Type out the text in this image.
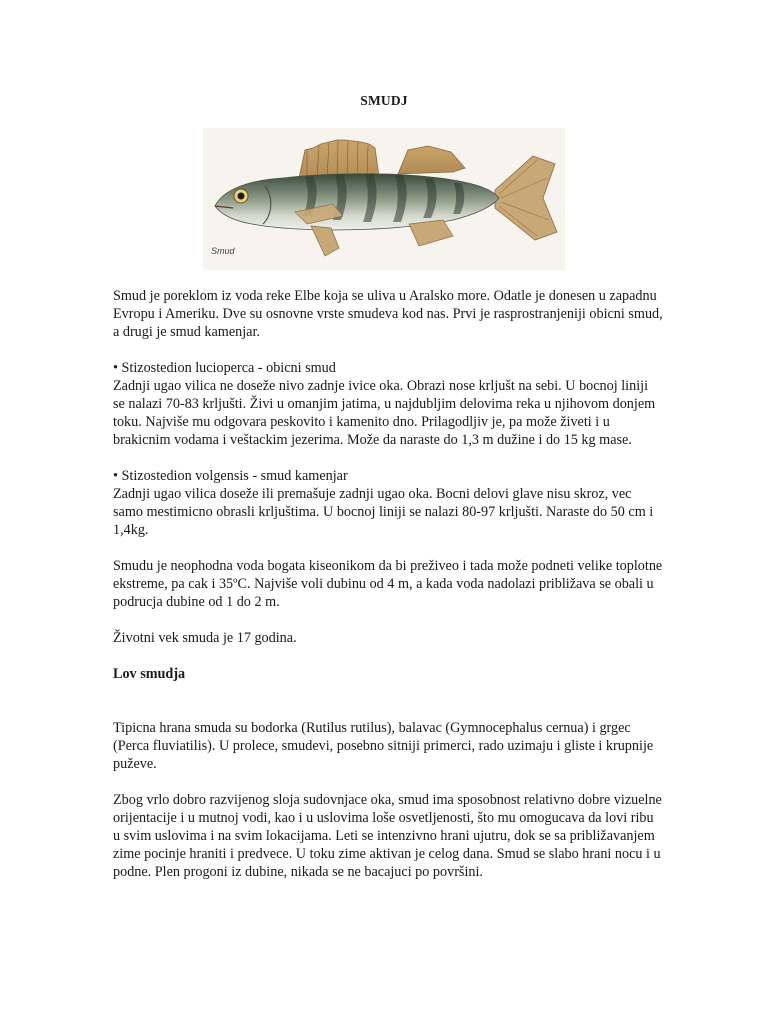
SMUDJ
Smud

Smud je poreklom iz voda reke Elbe koja se uliva u Aralsko more. Odatle je donesen u zapadnu Evropu i Ameriku. Dve su osnovne vrste smudeva kod nas. Prvi je rasprostranjeniji obicni smud, a drugi je smud kamenjar.

• Stizostedion lucioperca - obicni smud

Zadnji ugao vilica ne doseže nivo zadnje ivice oka. Obrazi nose krljušt na sebi. U bocnoj liniji se nalazi 70-83 krljušti. Živi u omanjim jatima, u najdubljim delovima reka u njihovom donjem toku. Najviše mu odgovara peskovito i kamenito dno. Prilagodljiv je, pa može živeti i u brakicnim vodama i veštackim jezerima. Može da naraste do 1,3 m dužine i do 15 kg mase.

• Stizostedion volgensis - smud kamenjar

Zadnji ugao vilica doseže ili premašuje zadnji ugao oka. Bocni delovi glave nisu skroz, vec samo mestimicno obrasli krljuštima. U bocnoj liniji se nalazi 80-97 krljušti. Naraste do 50 cm i 1,4kg.

Smudu je neophodna voda bogata kiseonikom da bi preživeo i tada može podneti velike toplotne ekstreme, pa cak i 35ºC. Najviše voli dubinu od 4 m, a kada voda nadolazi približava se obali u podrucja dubine od 1 do 2 m.

Životni vek smuda je 17 godina.

Lov smudja

Tipicna hrana smuda su bodorka (Rutilus rutilus), balavac (Gymnocephalus cernua) i grgec (Perca fluviatilis). U prolece, smudevi, posebno sitniji primerci, rado uzimaju i gliste i krupnije puževe.

Zbog vrlo dobro razvijenog sloja sudovnjace oka, smud ima sposobnost relativno dobre vizuelne orijentacije i u mutnoj vodi, kao i u uslovima loše osvetljenosti, što mu omogucava da lovi ribu u svim uslovima i na svim lokacijama. Leti se intenzivno hrani ujutru, dok se sa približavanjem zime pocinje hraniti i predvece. U toku zime aktivan je celog dana. Smud se slabo hrani nocu i u podne. Plen progoni iz dubine, nikada se ne bacajuci po površini.
